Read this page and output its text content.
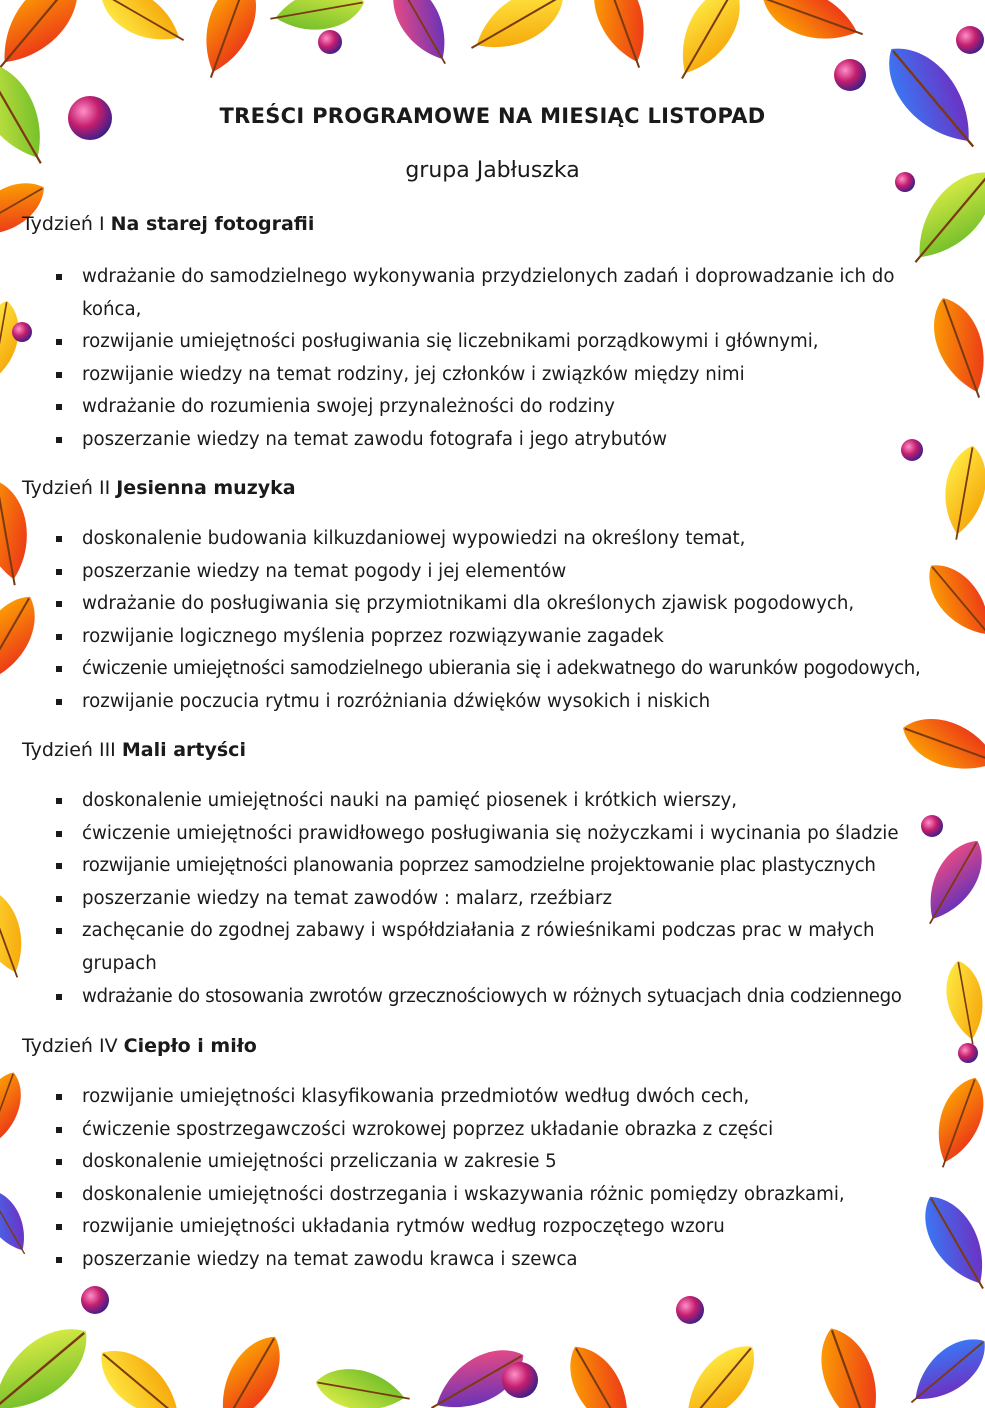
TREŚCI PROGRAMOWE NA MIESIĄC LISTOPAD
grupa Jabłuszka
Tydzień I Na starej fotografii
wdrażanie do samodzielnego wykonywania przydzielonych zadań i doprowadzanie ich do końca,
rozwijanie umiejętności posługiwania się liczebnikami porządkowymi i głównymi,
rozwijanie wiedzy na temat rodziny, jej członków i związków między nimi
wdrażanie do rozumienia swojej przynależności do rodziny
poszerzanie wiedzy na temat zawodu fotografa i jego atrybutów
Tydzień II Jesienna muzyka
doskonalenie budowania kilkuzdaniowej wypowiedzi na określony temat,
poszerzanie wiedzy na temat pogody i jej elementów
wdrażanie do posługiwania się przymiotnikami dla określonych zjawisk pogodowych,
rozwijanie logicznego myślenia poprzez rozwiązywanie zagadek
ćwiczenie umiejętności samodzielnego ubierania się i adekwatnego do warunków pogodowych,
rozwijanie poczucia rytmu i rozróżniania dźwięków wysokich i niskich
Tydzień III Mali artyści
doskonalenie umiejętności nauki na pamięć piosenek i krótkich wierszy,
ćwiczenie umiejętności prawidłowego posługiwania się nożyczkami i wycinania po śladzie
rozwijanie umiejętności planowania poprzez samodzielne projektowanie plac plastycznych
poszerzanie wiedzy na temat zawodów : malarz, rzeźbiarz
zachęcanie do zgodnej zabawy i współdziałania z rówieśnikami podczas prac w małych grupach
wdrażanie do stosowania zwrotów grzecznościowych w różnych sytuacjach dnia codziennego
Tydzień IV Ciepło i miło
rozwijanie umiejętności klasyfikowania przedmiotów według dwóch cech,
ćwiczenie spostrzegawczości wzrokowej poprzez układanie obrazka z części
doskonalenie umiejętności przeliczania w zakresie 5
doskonalenie umiejętności dostrzegania i wskazywania różnic pomiędzy obrazkami,
rozwijanie umiejętności układania rytmów według rozpoczętego wzoru
poszerzanie wiedzy na temat zawodu krawca i szewca
